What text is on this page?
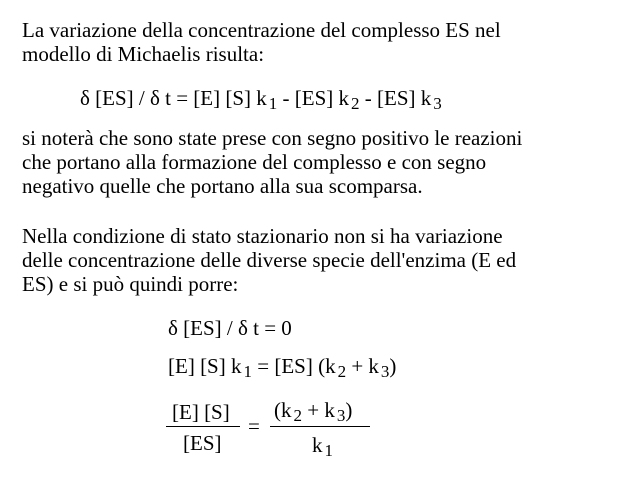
La variazione della concentrazione del complesso ES nel
modello di Michaelis risulta:
δ [ES] / δ t = [E] [S] k 1 - [ES] k 2 - [ES] k 3
si noterà che sono state prese con segno positivo le reazioni
che portano alla formazione del complesso e con segno
negativo quelle che portano alla sua scomparsa.
Nella condizione di stato stazionario non si ha variazione
delle concentrazione delle diverse specie dell'enzima (E ed
ES) e si può quindi porre:
δ [ES] / δ t = 0
[E] [S] k 1 = [ES] (k 2 + k 3)
[E] [S]
[ES]
=
(k 2 + k 3)
k 1
